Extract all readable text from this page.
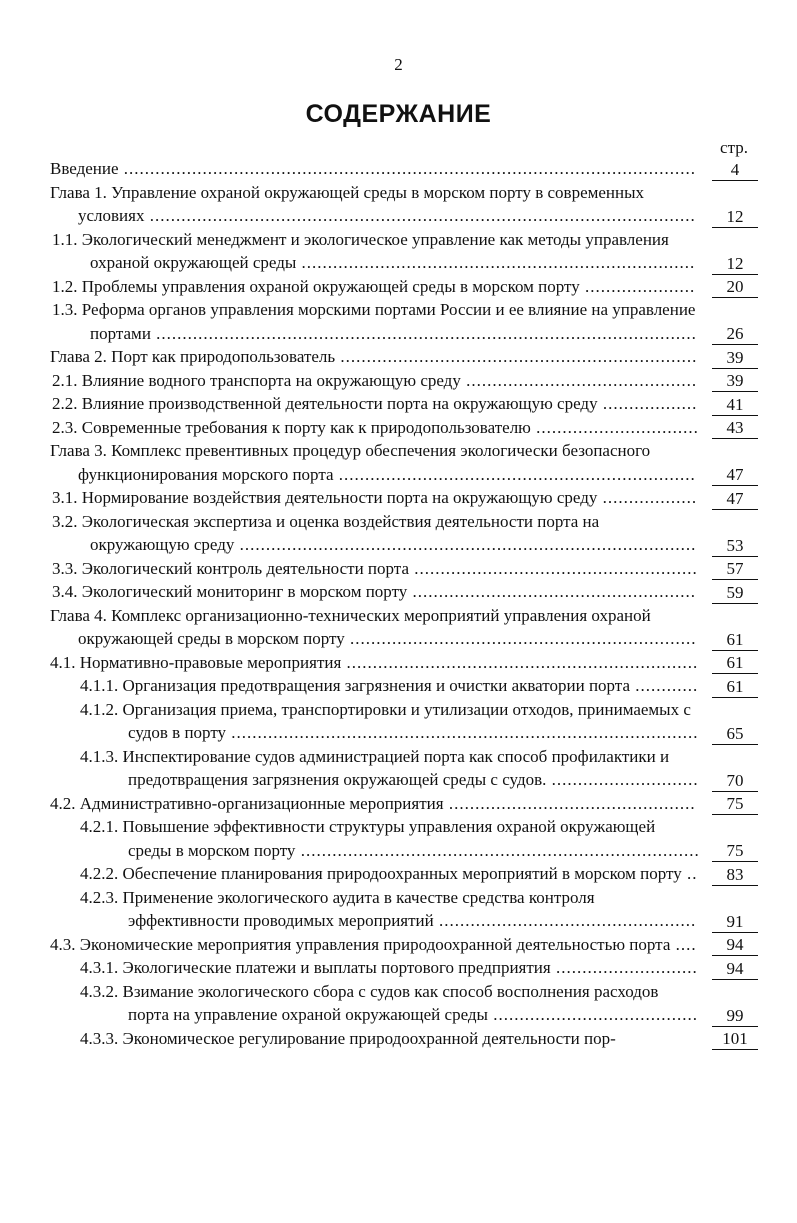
2
СОДЕРЖАНИЕ
стр.
Введение .............................................................................................................	4
Глава 1. Управление охраной окружающей среды в морском порту в современных условиях ........................................................................................................	12
1.1. Экологический менеджмент и экологическое управление как методы управления охраной окружающей среды ...........................................................................	12
1.2. Проблемы управления охраной окружающей среды в морском порту .....................	20
1.3. Реформа органов управления морскими портами России и ее влияние на управление портами .......................................................................................................	26
Глава 2. Порт как природопользователь ....................................................................	39
2.1. Влияние водного транспорта на окружающую среду ............................................	39
2.2. Влияние производственной деятельности порта на окружающую среду ..................	41
2.3. Современные требования к порту как к природопользователю ...............................	43
Глава 3. Комплекс превентивных процедур обеспечения экологически безопасного функционирования морского порта ....................................................................	47
3.1. Нормирование воздействия деятельности порта на окружающую среду ..................	47
3.2. Экологическая экспертиза и оценка воздействия деятельности порта на окружающую среду .......................................................................................	53
3.3. Экологический контроль деятельности порта ......................................................	57
3.4. Экологический мониторинг в морском порту ......................................................	59
Глава 4. Комплекс организационно-технических мероприятий управления охраной окружающей среды в морском порту ..................................................................	61
4.1. Нормативно-правовые мероприятия ...................................................................	61
4.1.1. Организация предотвращения загрязнения и очистки акватории порта ............	61
4.1.2. Организация приема, транспортировки и утилизации отходов, принимаемых с судов в порту .........................................................................................	65
4.1.3. Инспектирование судов администрацией порта как способ профилактики и предотвращения загрязнения окружающей среды с судов. ............................	70
4.2. Административно-организационные мероприятия ...............................................	75
4.2.1. Повышение эффективности структуры управления охраной окружающей среды в морском порту ............................................................................	75
4.2.2. Обеспечение планирования природоохранных мероприятий в морском порту ..	83
4.2.3. Применение экологического аудита в качестве средства контроля эффективности проводимых мероприятий .................................................	91
4.3. Экономические мероприятия управления природоохранной деятельностью порта ....	94
4.3.1. Экологические платежи и выплаты портового предприятия ...........................	94
4.3.2. Взимание экологического сбора с судов как способ восполнения расходов порта на управление охраной окружающей среды .......................................	99
4.3.3. Экономическое регулирование природоохранной деятельности пор-	101
